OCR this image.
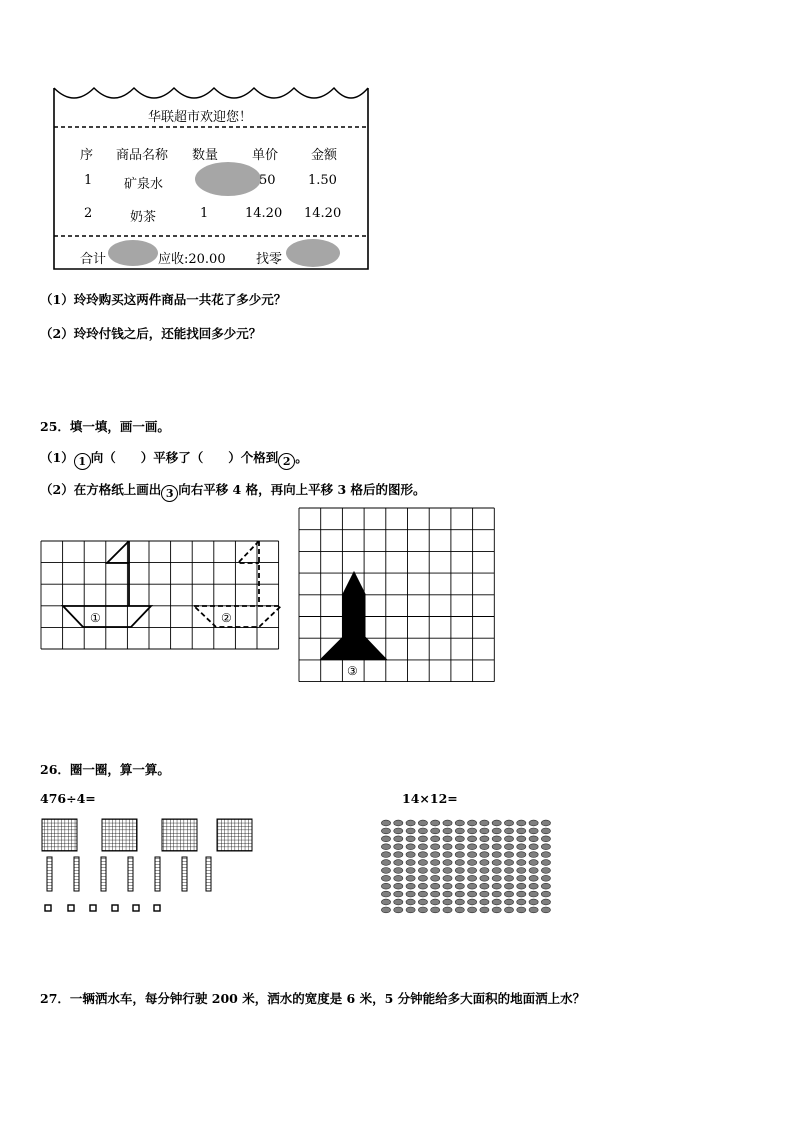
华联超市欢迎您！
序 商品名称 数量	单价	金额
1 矿泉水	50 1.50
2	奶茶	1	14.20 14.20
合计	应收:20.00 找零
（1）玲玲购买这两件商品一共花了多少元？
（2）玲玲付钱之后，还能找回多少元？
25．填一填，画一画。
（1） 1 向（　　）平移了（　　）个格到 2 。
（2）在方格纸上画出 3 向右平移 4 格，再向上平移 3 格后的图形。
①	②
③
26．圈一圈，算一算。
476÷4=	14×12=
27．一辆洒水车，每分钟行驶 200 米，洒水的宽度是 6 米，5 分钟能给多大面积的地面洒上水？
